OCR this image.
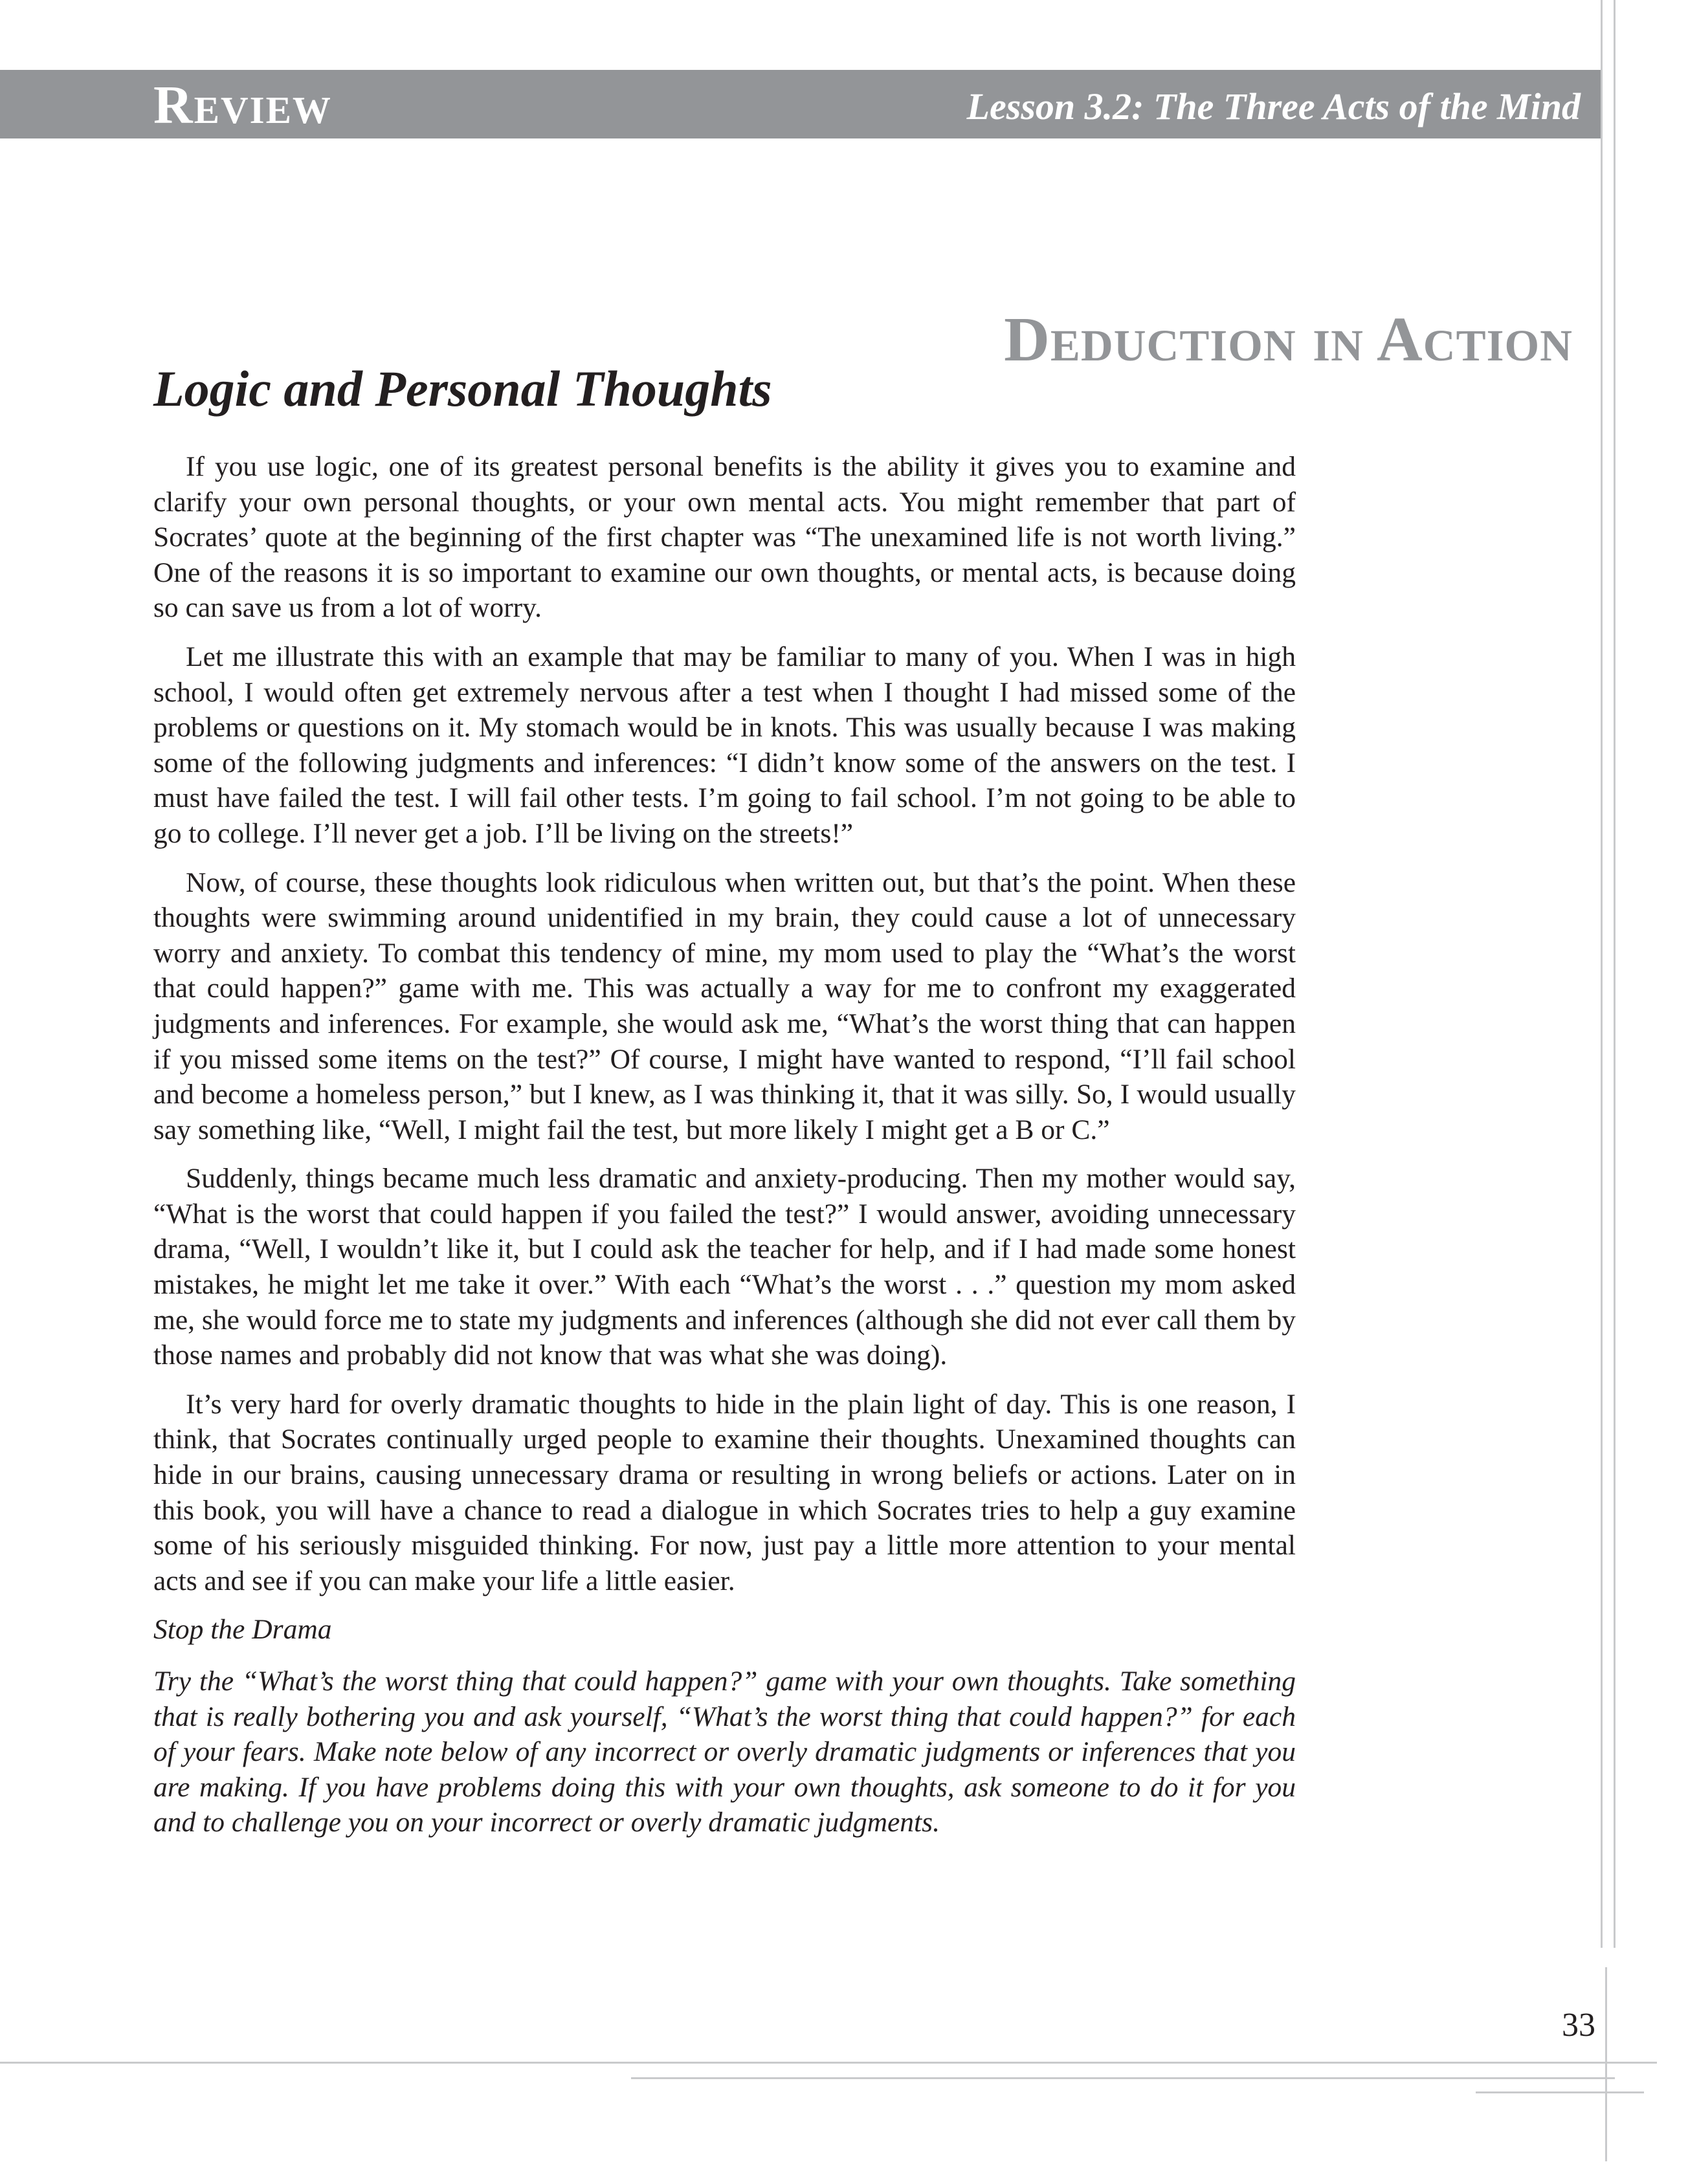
Review	Lesson 3.2: The Three Acts of the Mind
Deduction in Action
Logic and Personal Thoughts

If you use logic, one of its greatest personal benefits is the ability it gives you to examine and clarify your own personal thoughts, or your own mental acts. You might remember that part of Socrates’ quote at the beginning of the first chapter was “The unexamined life is not worth living.” One of the reasons it is so important to examine our own thoughts, or mental acts, is because doing so can save us from a lot of worry.

Let me illustrate this with an example that may be familiar to many of you. When I was in high school, I would often get extremely nervous after a test when I thought I had missed some of the problems or questions on it. My stomach would be in knots. This was usually because I was making some of the following judgments and inferences: “I didn’t know some of the answers on the test. I must have failed the test. I will fail other tests. I’m going to fail school. I’m not going to be able to go to college. I’ll never get a job. I’ll be living on the streets!”

Now, of course, these thoughts look ridiculous when written out, but that’s the point. When these thoughts were swimming around unidentified in my brain, they could cause a lot of unnecessary worry and anxiety. To combat this tendency of mine, my mom used to play the “What’s the worst that could happen?” game with me. This was actually a way for me to confront my exaggerated judgments and inferences. For example, she would ask me, “What’s the worst thing that can happen if you missed some items on the test?” Of course, I might have wanted to respond, “I’ll fail school and become a homeless person,” but I knew, as I was thinking it, that it was silly. So, I would usually say something like, “Well, I might fail the test, but more likely I might get a B or C.”

Suddenly, things became much less dramatic and anxiety-producing. Then my mother would say, “What is the worst that could happen if you failed the test?” I would answer, avoiding unnecessary drama, “Well, I wouldn’t like it, but I could ask the teacher for help, and if I had made some honest mistakes, he might let me take it over.” With each “What’s the worst . . .” question my mom asked me, she would force me to state my judgments and inferences (although she did not ever call them by those names and probably did not know that was what she was doing).

It’s very hard for overly dramatic thoughts to hide in the plain light of day. This is one reason, I think, that Socrates continually urged people to examine their thoughts. Unexamined thoughts can hide in our brains, causing unnecessary drama or resulting in wrong beliefs or actions. Later on in this book, you will have a chance to read a dialogue in which Socrates tries to help a guy examine some of his seriously misguided thinking. For now, just pay a little more attention to your mental acts and see if you can make your life a little easier.

Stop the Drama

Try the “What’s the worst thing that could happen?” game with your own thoughts. Take something that is really bothering you and ask yourself, “What’s the worst thing that could happen?” for each of your fears. Make note below of any incorrect or overly dramatic judgments or inferences that you are making. If you have problems doing this with your own thoughts, ask someone to do it for you and to challenge you on your incorrect or overly dramatic judgments.

33
